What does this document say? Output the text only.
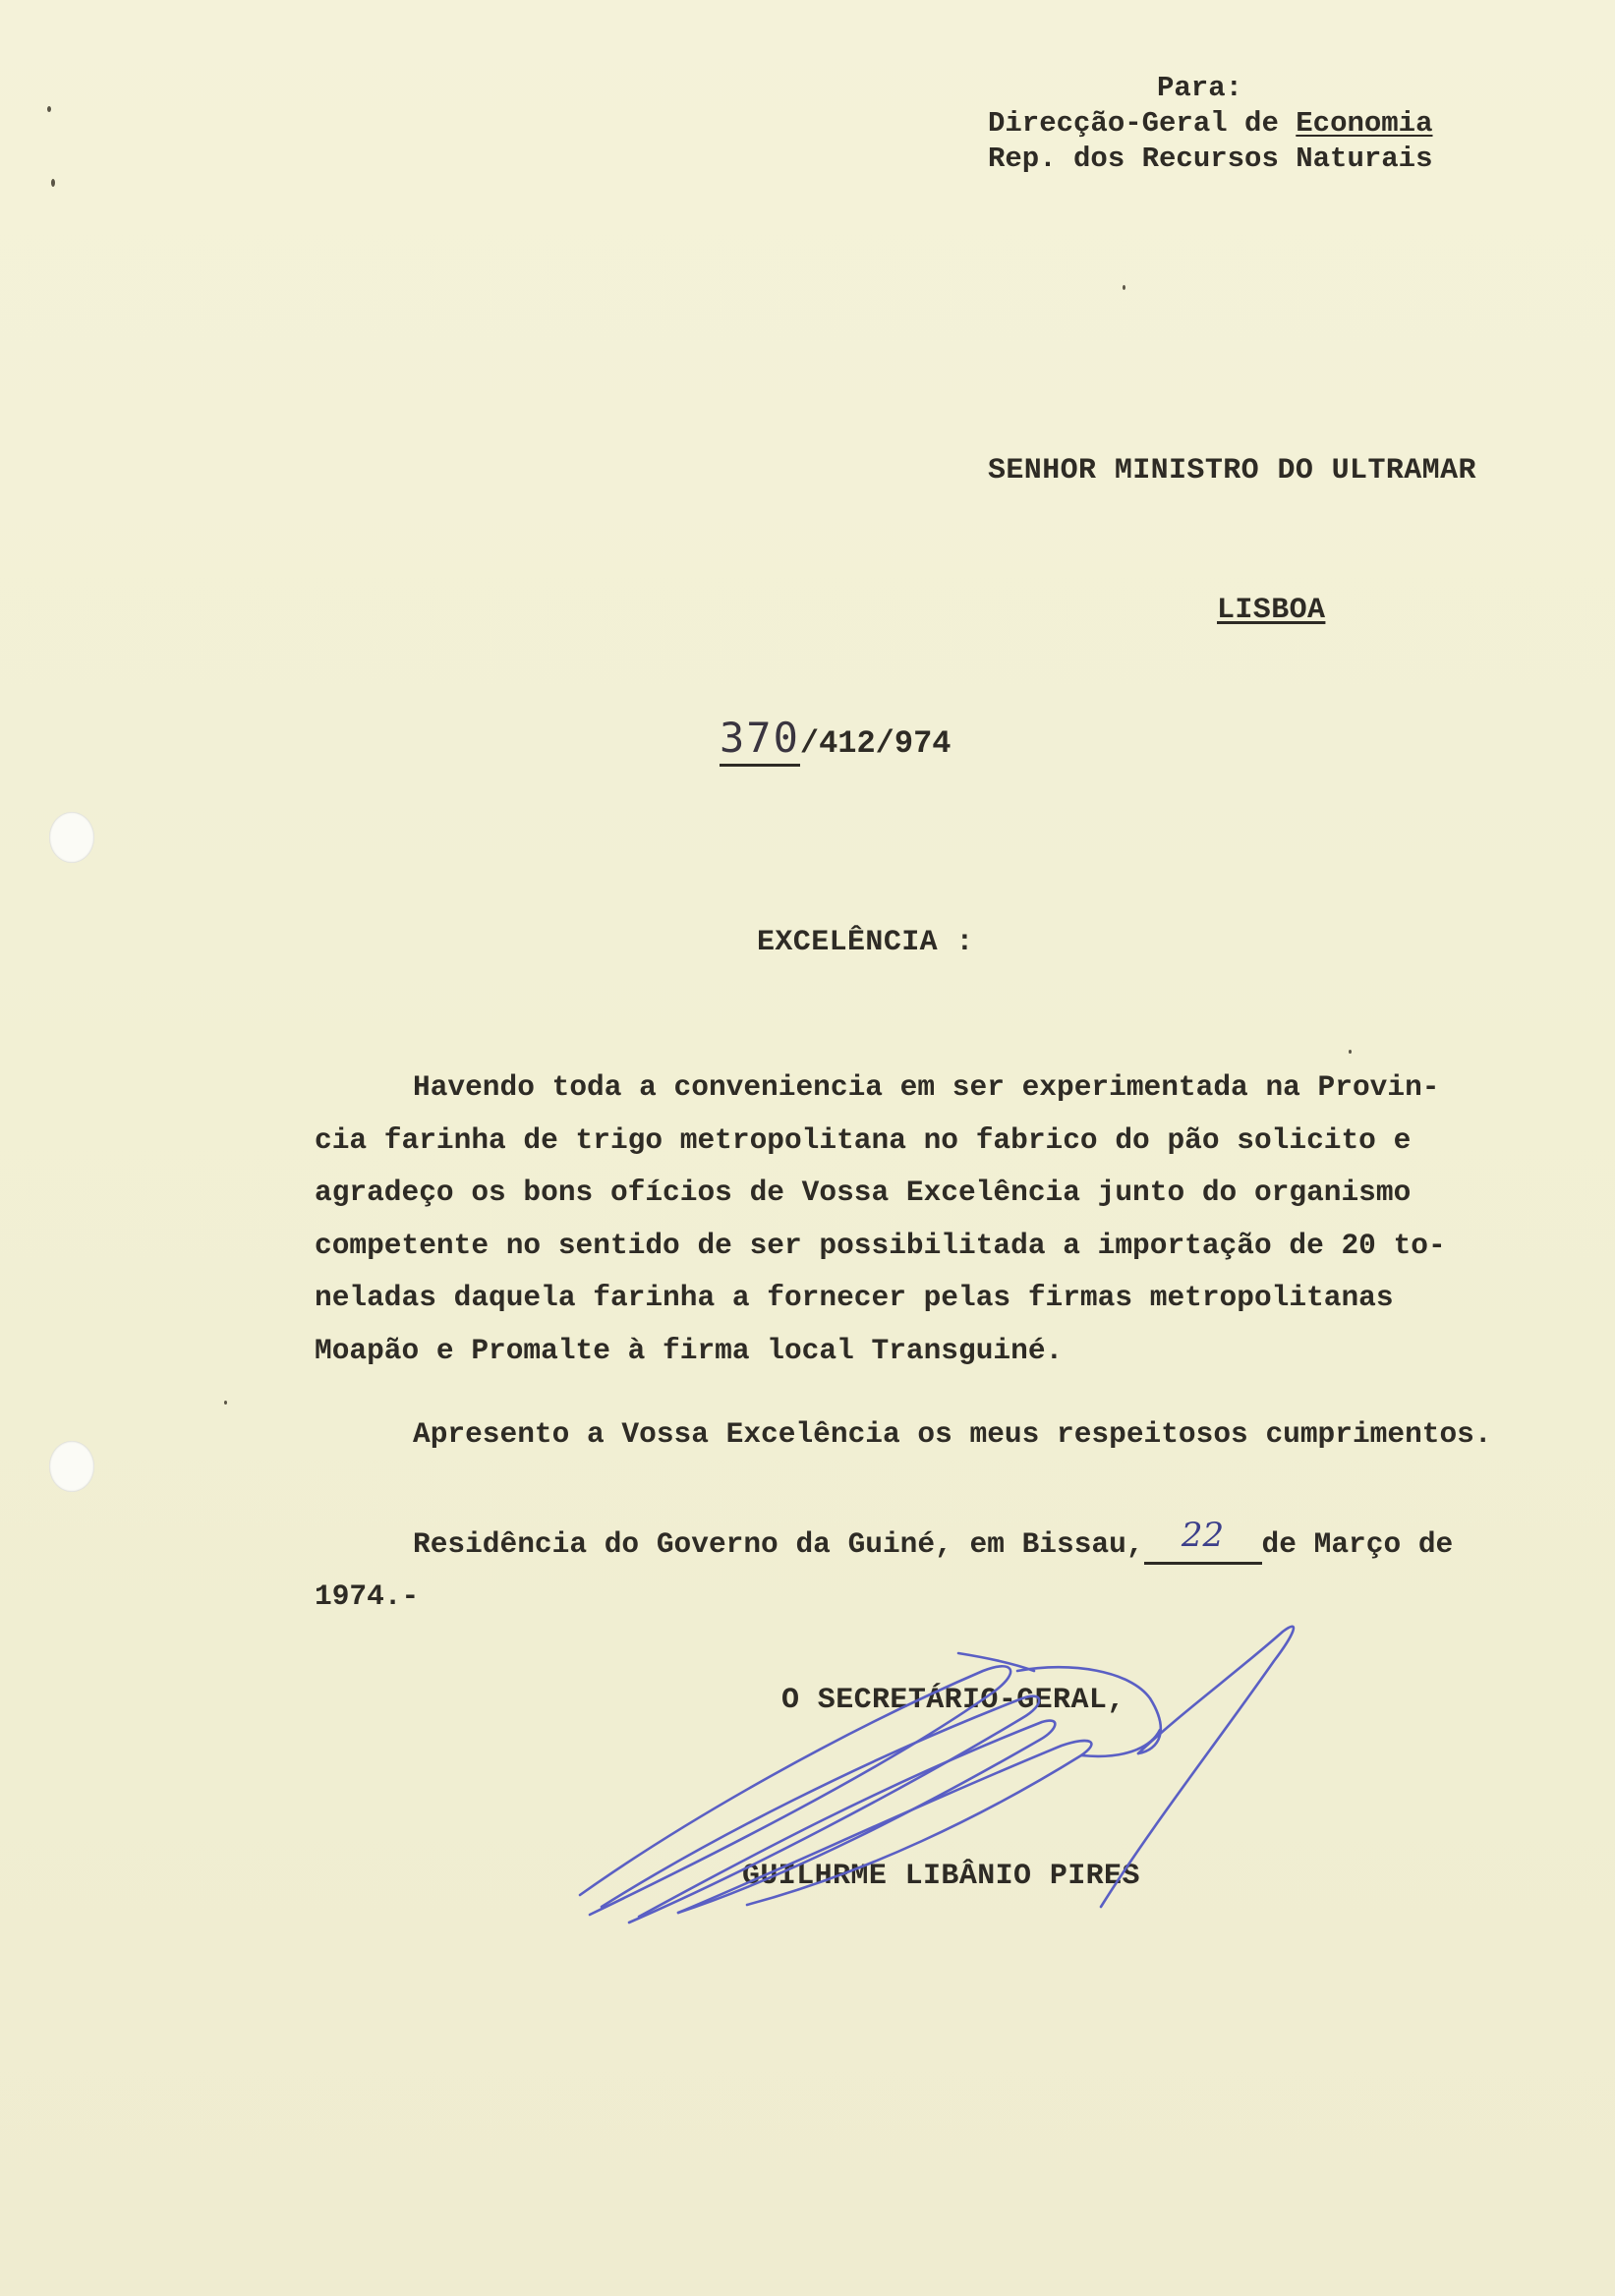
Para:
Direcção-Geral de Economia
Rep. dos Recursos Naturais
SENHOR MINISTRO DO ULTRAMAR
LISBOA
370/412/974
EXCELÊNCIA :
Havendo toda a conveniencia em ser experimentada na Provin-
cia farinha de trigo metropolitana no fabrico do pão solicito e
agradeço os bons ofícios de Vossa Excelência junto do organismo
competente no sentido de ser possibilitada a importação de 20 to-
neladas daquela farinha a fornecer pelas firmas metropolitanas
Moapão e Promalte à firma local Transguiné.
Apresento a Vossa Excelência os meus respeitosos cumprimentos.
Residência do Governo da Guiné, em Bissau, 22 de Março de
1974.-
O SECRETÁRIO-GERAL,
GUILHRME LIBÂNIO PIRES
